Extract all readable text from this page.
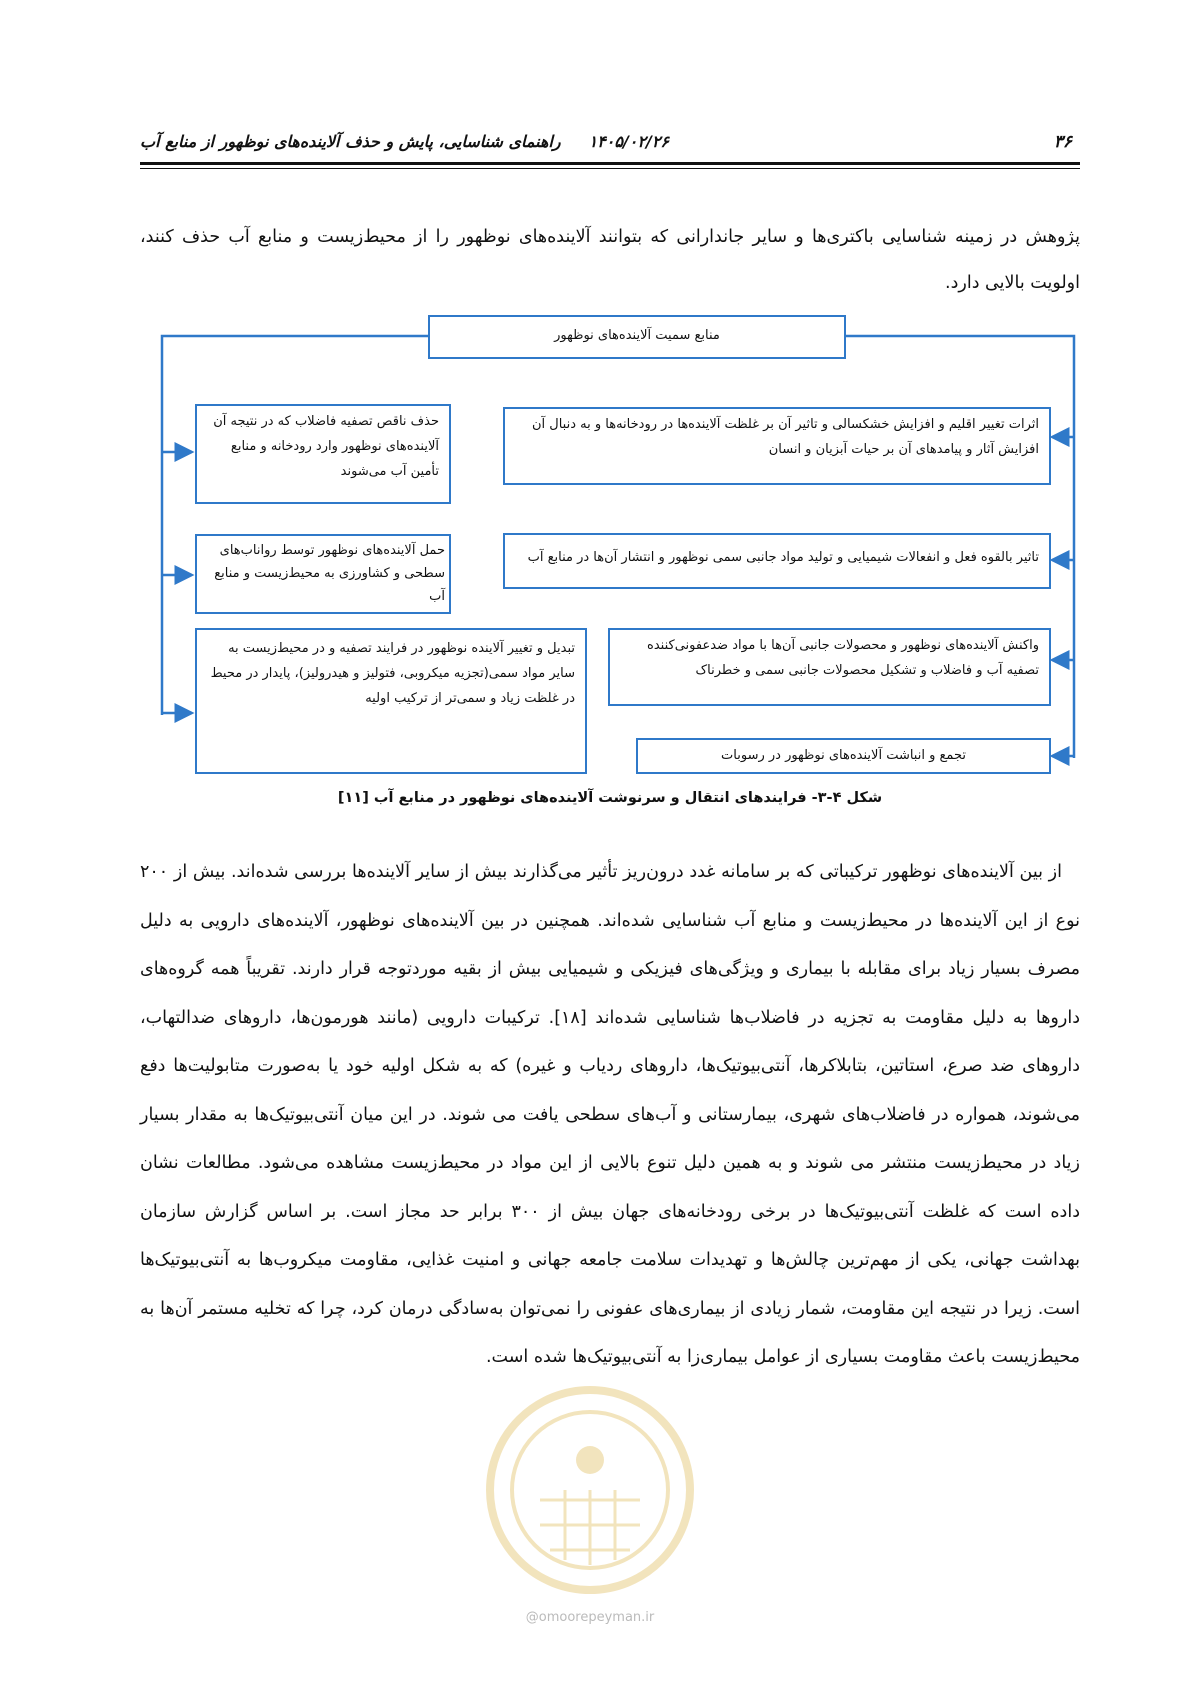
۳۶
۱۴۰۵/۰۲/۲۶راهنمای شناسایی، پایش و حذف آلاینده‌های نوظهور از منابع آب

پژوهش در زمینه شناسایی باکتری‌ها و سایر جاندارانی که بتوانند آلاینده‌های نوظهور را از محیط‌زیست و منابع آب حذف کنند، اولویت بالایی دارد.

منابع سمیت آلاینده‌های نوظهور
اثرات تغییر اقلیم و افزایش خشکسالی و تاثیر آن بر غلظت آلاینده‌ها در رودخانه‌ها و به دنبال آن افزایش آثار و پیامدهای آن بر حیات آبزیان و انسان
تاثیر بالقوه فعل و انفعالات شیمیایی و تولید مواد جانبی سمی نوظهور و انتشار آن‌ها در منابع آب
واکنش آلاینده‌های نوظهور و محصولات جانبی آن‌ها با مواد ضدعفونی‌کننده تصفیه آب و فاضلاب و تشکیل محصولات جانبی سمی و خطرناک
تجمع و انباشت آلاینده‌های نوظهور در رسوبات
حذف ناقص تصفیه فاضلاب که در نتیجه آن آلاینده‌های نوظهور وارد رودخانه و منابع تأمین آب می‌شوند
حمل آلاینده‌های نوظهور توسط رواناب‌های سطحی و کشاورزی به محیط‌زیست و منابع آب
تبدیل و تغییر آلاینده نوظهور در فرایند تصفیه و در محیط‌زیست به سایر مواد سمی(تجزیه میکروبی، فتولیز و هیدرولیز)، پایدار در محیط در غلظت زیاد و سمی‌تر از ترکیب اولیه
شکل ۴-۳- فرایندهای انتقال و سرنوشت آلاینده‌های نوظهور در منابع آب [۱۱]

از بین آلاینده‌های نوظهور ترکیباتی که بر سامانه غدد درون‌ریز تأثیر می‌گذارند بیش از سایر آلاینده‌ها بررسی شده‌اند. بیش از ۲۰۰ نوع از این آلاینده‌ها در محیط‌زیست و منابع آب شناسایی شده‌اند. همچنین در بین آلاینده‌های نوظهور، آلاینده‌های دارویی به دلیل مصرف بسیار زیاد برای مقابله با بیماری و ویژگی‌های فیزیکی و شیمیایی بیش از بقیه موردتوجه قرار دارند. تقریباً همه گروه‌های داروها به دلیل مقاومت به تجزیه در فاضلاب‌ها شناسایی شده‌اند [۱۸]. ترکیبات دارویی (مانند هورمون‌ها، داروهای ضدالتهاب، داروهای ضد صرع، استاتین، بتابلاکرها، آنتی‌بیوتیک‌ها، داروهای ردیاب و غیره) که به شکل اولیه خود یا به‌صورت متابولیت‌ها دفع می‌شوند، همواره در فاضلاب‌های شهری، بیمارستانی و آب‌های سطحی یافت می شوند. در این میان آنتی‌بیوتیک‌ها به مقدار بسیار زیاد در محیط‌زیست منتشر می شوند و به همین دلیل تنوع بالایی از این مواد در محیط‌زیست مشاهده می‌شود. مطالعات نشان داده است که غلظت آنتی‌بیوتیک‌ها در برخی رودخانه‌های جهان بیش از ۳۰۰ برابر حد مجاز است. بر اساس گزارش سازمان بهداشت جهانی، یکی از مهم‌ترین چالش‌ها و تهدیدات سلامت جامعه جهانی و امنیت غذایی، مقاومت میکروب‌ها به آنتی‌بیوتیک‌ها است. زیرا در نتیجه این مقاومت، شمار زیادی از بیماری‌های عفونی را نمی‌توان به‌سادگی درمان کرد، چرا که تخلیه مستمر آن‌ها به محیط‌زیست باعث مقاومت بسیاری از عوامل بیماری‌زا به آنتی‌بیوتیک‌ها شده است.

@omoorepeyman.ir
